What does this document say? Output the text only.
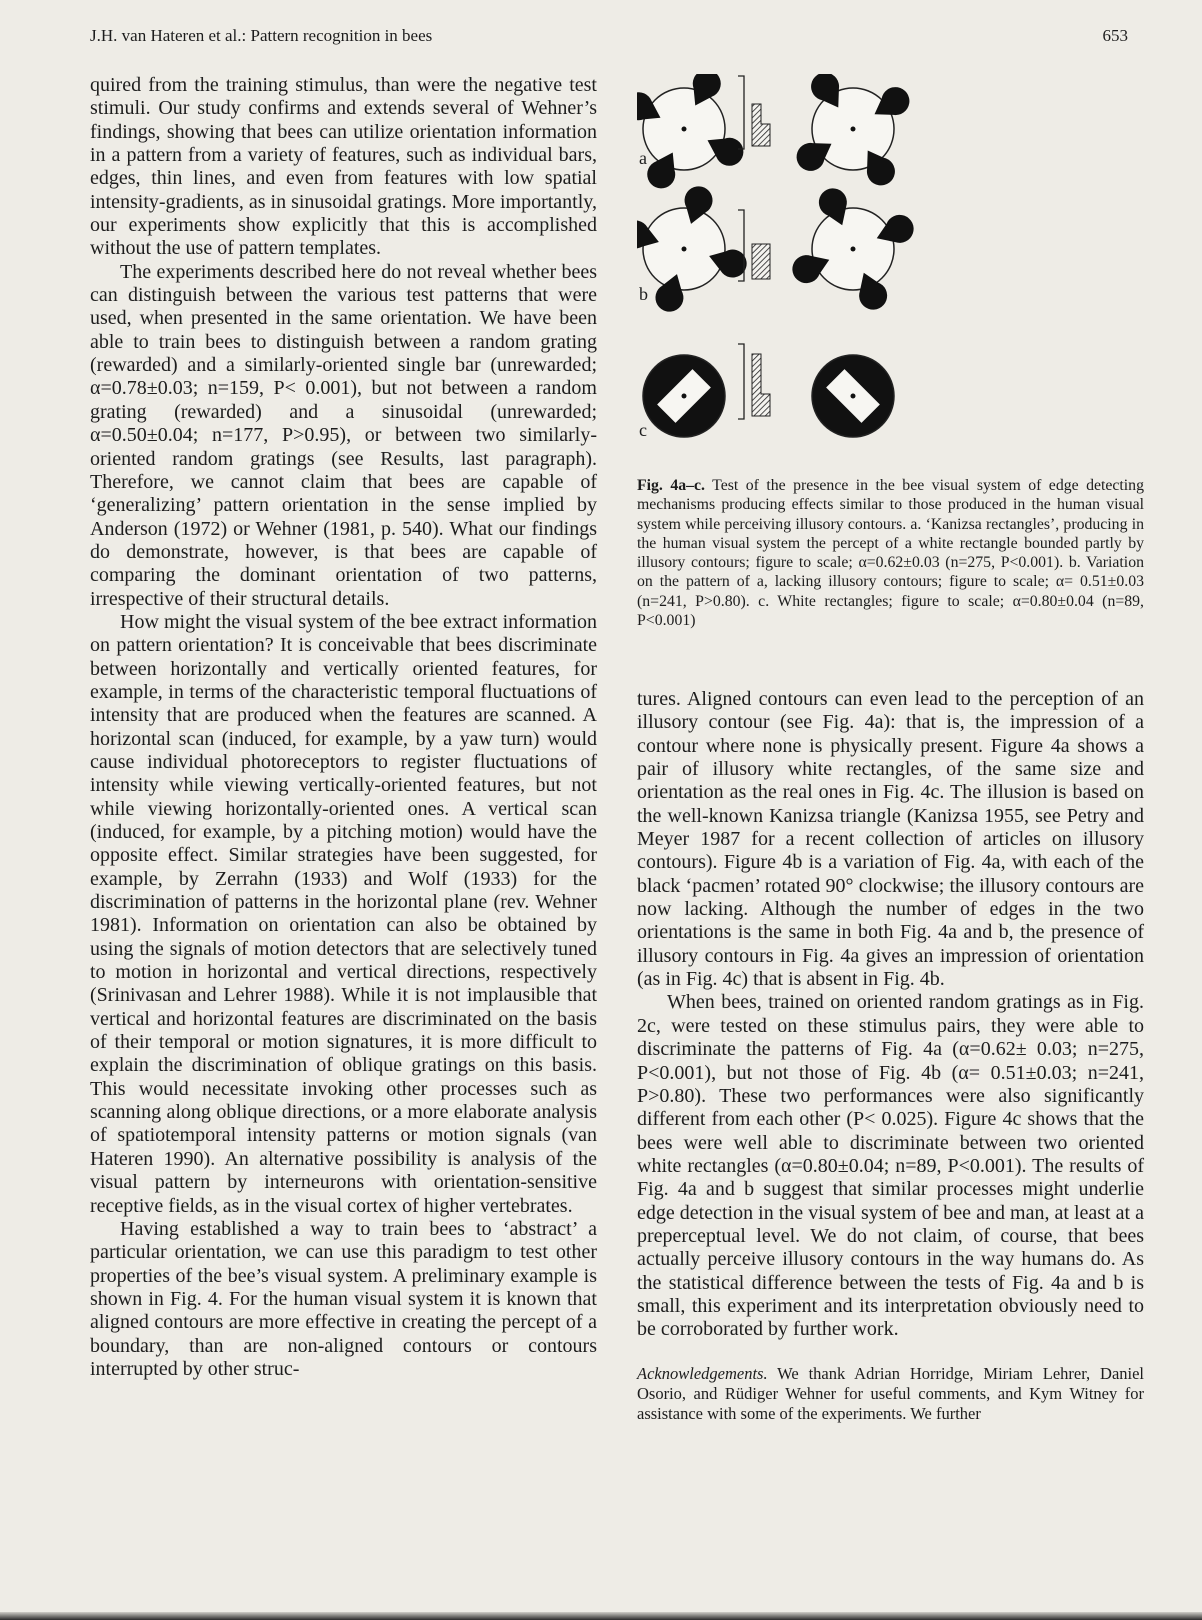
J.H. van Hateren et al.: Pattern recognition in bees	653

quired from the training stimulus, than were the negative test stimuli. Our study confirms and extends several of Wehner’s findings, showing that bees can utilize orientation information in a pattern from a variety of features, such as individual bars, edges, thin lines, and even from features with low spatial intensity-gradients, as in sinusoidal gratings. More importantly, our experiments show explicitly that this is accomplished without the use of pattern templates.

The experiments described here do not reveal whether bees can distinguish between the various test patterns that were used, when presented in the same orientation. We have been able to train bees to distinguish between a random grating (rewarded) and a similarly-oriented single bar (unrewarded; α=0.78±0.03; n=159, P< 0.001), but not between a random grating (rewarded) and a sinusoidal (unrewarded; α=0.50±0.04; n=177, P>0.95), or between two similarly-oriented random gratings (see Results, last paragraph). Therefore, we cannot claim that bees are capable of ‘generalizing’ pattern orientation in the sense implied by Anderson (1972) or Wehner (1981, p. 540). What our findings do demonstrate, however, is that bees are capable of comparing the dominant orientation of two patterns, irrespective of their structural details.

How might the visual system of the bee extract information on pattern orientation? It is conceivable that bees discriminate between horizontally and vertically oriented features, for example, in terms of the characteristic temporal fluctuations of intensity that are produced when the features are scanned. A horizontal scan (induced, for example, by a yaw turn) would cause individual photoreceptors to register fluctuations of intensity while viewing vertically-oriented features, but not while viewing horizontally-oriented ones. A vertical scan (induced, for example, by a pitching motion) would have the opposite effect. Similar strategies have been suggested, for example, by Zerrahn (1933) and Wolf (1933) for the discrimination of patterns in the horizontal plane (rev. Wehner 1981). Information on orientation can also be obtained by using the signals of motion detectors that are selectively tuned to motion in horizontal and vertical directions, respectively (Srinivasan and Lehrer 1988). While it is not implausible that vertical and horizontal features are discriminated on the basis of their temporal or motion signatures, it is more difficult to explain the discrimination of oblique gratings on this basis. This would necessitate invoking other processes such as scanning along oblique directions, or a more elaborate analysis of spatiotemporal intensity patterns or motion signals (van Hateren 1990). An alternative possibility is analysis of the visual pattern by interneurons with orientation-sensitive receptive fields, as in the visual cortex of higher vertebrates.

Having established a way to train bees to ‘abstract’ a particular orientation, we can use this paradigm to test other properties of the bee’s visual system. A preliminary example is shown in Fig. 4. For the human visual system it is known that aligned contours are more effective in creating the percept of a boundary, than are non-aligned contours or contours interrupted by other struc-

a
b
c
Fig. 4a–c. Test of the presence in the bee visual system of edge detecting mechanisms producing effects similar to those produced in the human visual system while perceiving illusory contours. a. ‘Kanizsa rectangles’, producing in the human visual system the percept of a white rectangle bounded partly by illusory contours; figure to scale; α=0.62±0.03 (n=275, P<0.001). b. Variation on the pattern of a, lacking illusory contours; figure to scale; α= 0.51±0.03 (n=241, P>0.80). c. White rectangles; figure to scale; α=0.80±0.04 (n=89, P<0.001)

tures. Aligned contours can even lead to the perception of an illusory contour (see Fig. 4a): that is, the impression of a contour where none is physically present. Figure 4a shows a pair of illusory white rectangles, of the same size and orientation as the real ones in Fig. 4c. The illusion is based on the well-known Kanizsa triangle (Kanizsa 1955, see Petry and Meyer 1987 for a recent collection of articles on illusory contours). Figure 4b is a variation of Fig. 4a, with each of the black ‘pacmen’ rotated 90° clockwise; the illusory contours are now lacking. Although the number of edges in the two orientations is the same in both Fig. 4a and b, the presence of illusory contours in Fig. 4a gives an impression of orientation (as in Fig. 4c) that is absent in Fig. 4b.

When bees, trained on oriented random gratings as in Fig. 2c, were tested on these stimulus pairs, they were able to discriminate the patterns of Fig. 4a (α=0.62± 0.03; n=275, P<0.001), but not those of Fig. 4b (α= 0.51±0.03; n=241, P>0.80). These two performances were also significantly different from each other (P< 0.025). Figure 4c shows that the bees were well able to discriminate between two oriented white rectangles (α=0.80±0.04; n=89, P<0.001). The results of Fig. 4a and b suggest that similar processes might underlie edge detection in the visual system of bee and man, at least at a preperceptual level. We do not claim, of course, that bees actually perceive illusory contours in the way humans do. As the statistical difference between the tests of Fig. 4a and b is small, this experiment and its interpretation obviously need to be corroborated by further work.

Acknowledgements. We thank Adrian Horridge, Miriam Lehrer, Daniel Osorio, and Rüdiger Wehner for useful comments, and Kym Witney for assistance with some of the experiments. We further
